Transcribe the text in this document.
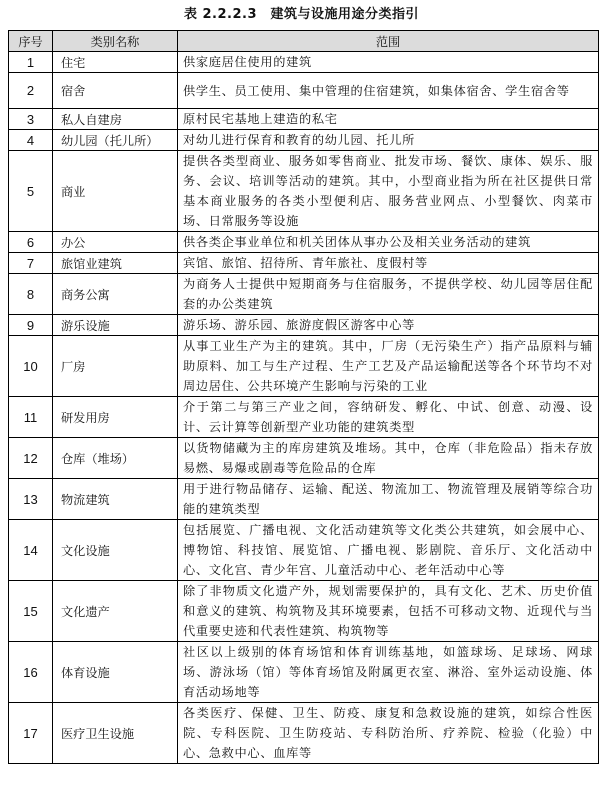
表 2.2.2.3　建筑与设施用途分类指引
序号	类别名称	范围
1	住宅	供家庭居住使用的建筑
2	宿舍	供学生、员工使用、集中管理的住宿建筑，如集体宿舍、学生宿舍等
3	私人自建房	原村民宅基地上建造的私宅
4	幼儿园（托儿所）	对幼儿进行保育和教育的幼儿园、托儿所
5	商业	提供各类型商业、服务如零售商业、批发市场、餐饮、康体、娱乐、服务、会议、培训等活动的建筑。其中，小型商业指为所在社区提供日常基本商业服务的各类小型便利店、服务营业网点、小型餐饮、肉菜市场、日常服务等设施
6	办公	供各类企事业单位和机关团体从事办公及相关业务活动的建筑
7	旅馆业建筑	宾馆、旅馆、招待所、青年旅社、度假村等
8	商务公寓	为商务人士提供中短期商务与住宿服务，不提供学校、幼儿园等居住配套的办公类建筑
9	游乐设施	游乐场、游乐园、旅游度假区游客中心等
10	厂房	从事工业生产为主的建筑。其中，厂房（无污染生产）指产品原料与辅助原料、加工与生产过程、生产工艺及产品运输配送等各个环节均不对周边居住、公共环境产生影响与污染的工业
11	研发用房	介于第二与第三产业之间，容纳研发、孵化、中试、创意、动漫、设计、云计算等创新型产业功能的建筑类型
12	仓库（堆场）	以货物储藏为主的库房建筑及堆场。其中，仓库（非危险品）指未存放易燃、易爆或剧毒等危险品的仓库
13	物流建筑	用于进行物品储存、运输、配送、物流加工、物流管理及展销等综合功能的建筑类型
14	文化设施	包括展览、广播电视、文化活动建筑等文化类公共建筑，如会展中心、博物馆、科技馆、展览馆、广播电视、影剧院、音乐厅、文化活动中心、文化宫、青少年宫、儿童活动中心、老年活动中心等
15	文化遗产	除了非物质文化遗产外，规划需要保护的，具有文化、艺术、历史价值和意义的建筑、构筑物及其环境要素，包括不可移动文物、近现代与当代重要史迹和代表性建筑、构筑物等
16	体育设施	社区以上级别的体育场馆和体育训练基地，如篮球场、足球场、网球场、游泳场（馆）等体育场馆及附属更衣室、淋浴、室外运动设施、体育活动场地等
17	医疗卫生设施	各类医疗、保健、卫生、防疫、康复和急救设施的建筑，如综合性医院、专科医院、卫生防疫站、专科防治所、疗养院、检验（化验）中心、急救中心、血库等
